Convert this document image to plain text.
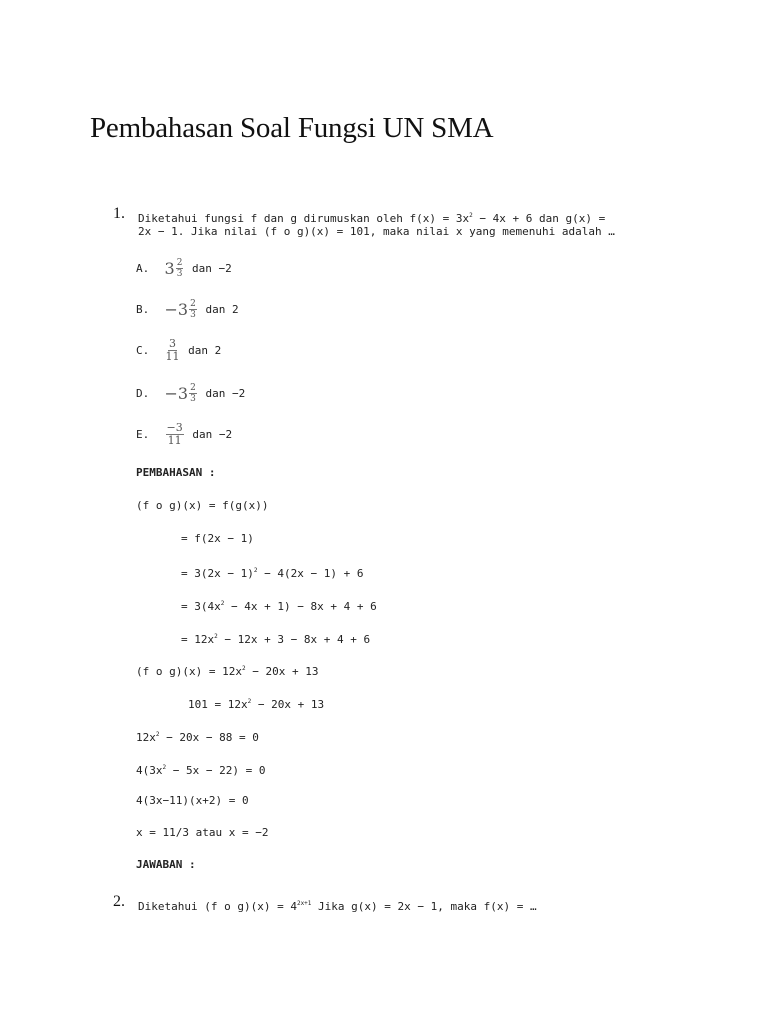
Pembahasan Soal Fungsi UN SMA
1. Diketahui fungsi f dan g dirumuskan oleh $f(x) = 3x^2 - 4x + 6$ dan g(x) =
2x − 1. Jika nilai (f o g)(x) = 101, maka nilai x yang memenuhi adalah …
A.

$3 \frac{2}{3}$ dan −2
B.

− $3 \frac{2}{3}$ dan 2
C.

$\frac{3}{11}$ dan 2
D.

− $3 \frac{2}{3}$ dan −2
E.

$\frac{-3}{11}$ dan −2
PEMBAHASAN :
(f o g)(x) = f(g(x))
= f(2x − 1)
= $3(2x - 1)^2 - 4(2x - 1) + 6$
= $3(4x^2 - 4x + 1) - 8x + 4 + 6$
= $12x^2 - 12x + 3 - 8x + 4 + 6$
(f o $g)(x) = 12x^2 - 20x + 13$
$101 = 12x^2 - 20x + 13$
$12x^2 - 20x - 88 = 0$
$4(3x^2 - 5x - 22) = 0$
4(3x−11)(x+2) = 0
x = 11/3 atau x = −2
JAWABAN :
2. Diketahui (f o $g)(x) = 4^{2x+1}$ Jika g(x) = 2x − 1, maka f(x) = …
